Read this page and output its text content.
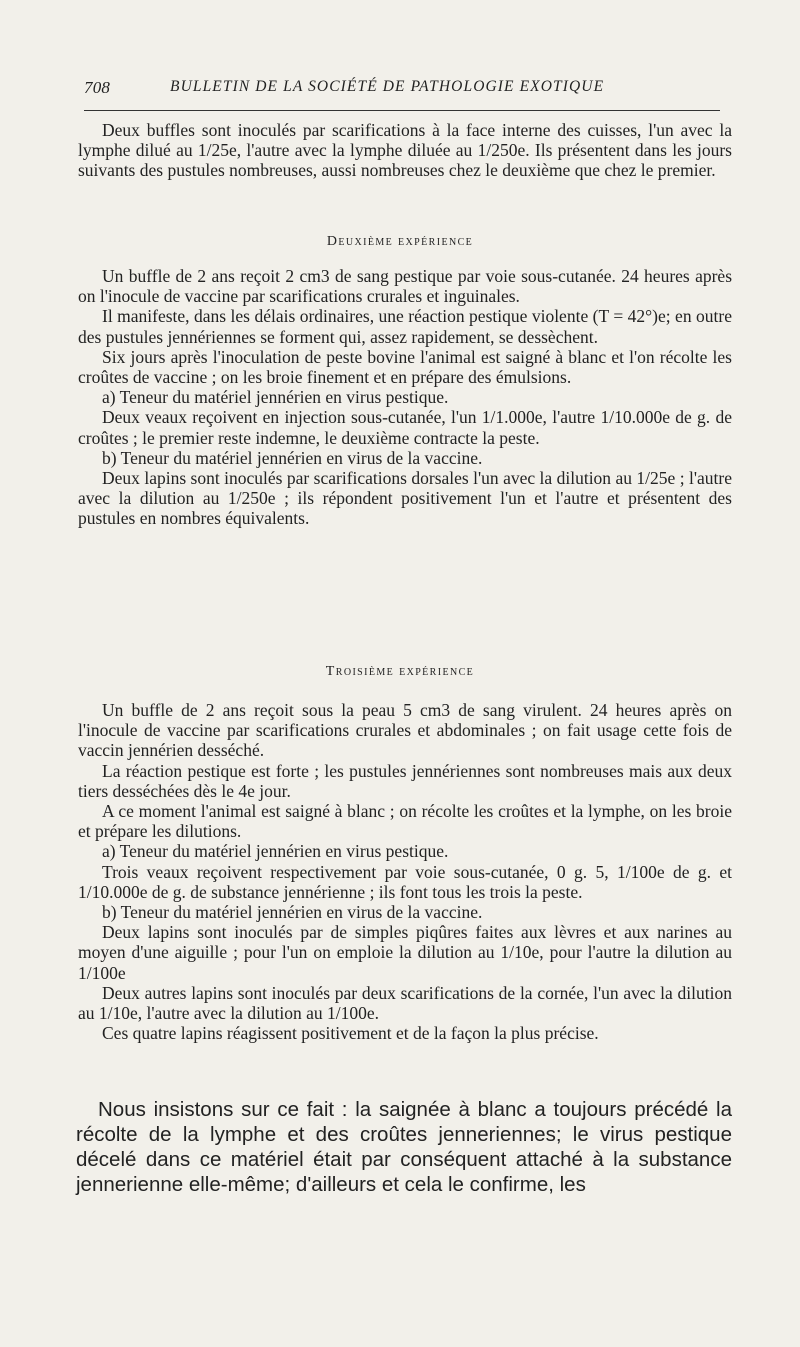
708	BULLETIN DE LA SOCIÉTÉ DE PATHOLOGIE EXOTIQUE

Deux buffles sont inoculés par scarifications à la face interne des cuisses, l'un avec la lymphe dilué au 1/25e, l'autre avec la lymphe diluée au 1/250e. Ils présentent dans les jours suivants des pustules nombreuses, aussi nombreuses chez le deuxième que chez le premier.

Deuxième expérience

Un buffle de 2 ans reçoit 2 cm3 de sang pestique par voie sous-cutanée. 24 heures après on l'inocule de vaccine par scarifications crurales et inguinales.

Il manifeste, dans les délais ordinaires, une réaction pestique violente (T = 42°)e; en outre des pustules jennériennes se forment qui, assez rapidement, se dessèchent.

Six jours après l'inoculation de peste bovine l'animal est saigné à blanc et l'on récolte les croûtes de vaccine ; on les broie finement et en prépare des émulsions.

a) Teneur du matériel jennérien en virus pestique.

Deux veaux reçoivent en injection sous-cutanée, l'un 1/1.000e, l'autre 1/10.000e de g. de croûtes ; le premier reste indemne, le deuxième contracte la peste.

b) Teneur du matériel jennérien en virus de la vaccine.

Deux lapins sont inoculés par scarifications dorsales l'un avec la dilution au 1/25e ; l'autre avec la dilution au 1/250e ; ils répondent positivement l'un et l'autre et présentent des pustules en nombres équivalents.

Troisième expérience

Un buffle de 2 ans reçoit sous la peau 5 cm3 de sang virulent. 24 heures après on l'inocule de vaccine par scarifications crurales et abdominales ; on fait usage cette fois de vaccin jennérien desséché.

La réaction pestique est forte ; les pustules jennériennes sont nombreuses mais aux deux tiers desséchées dès le 4e jour.

A ce moment l'animal est saigné à blanc ; on récolte les croûtes et la lymphe, on les broie et prépare les dilutions.

a) Teneur du matériel jennérien en virus pestique.

Trois veaux reçoivent respectivement par voie sous-cutanée, 0 g. 5, 1/100e de g. et 1/10.000e de g. de substance jennérienne ; ils font tous les trois la peste.

b) Teneur du matériel jennérien en virus de la vaccine.

Deux lapins sont inoculés par de simples piqûres faites aux lèvres et aux narines au moyen d'une aiguille ; pour l'un on emploie la dilution au 1/10e, pour l'autre la dilution au 1/100e

Deux autres lapins sont inoculés par deux scarifications de la cornée, l'un avec la dilution au 1/10e, l'autre avec la dilution au 1/100e.

Ces quatre lapins réagissent positivement et de la façon la plus précise.

Nous insistons sur ce fait : la saignée à blanc a toujours précédé la récolte de la lymphe et des croûtes jenneriennes; le virus pestique décelé dans ce matériel était par conséquent attaché à la substance jennerienne elle-même; d'ailleurs et cela le confirme, les
